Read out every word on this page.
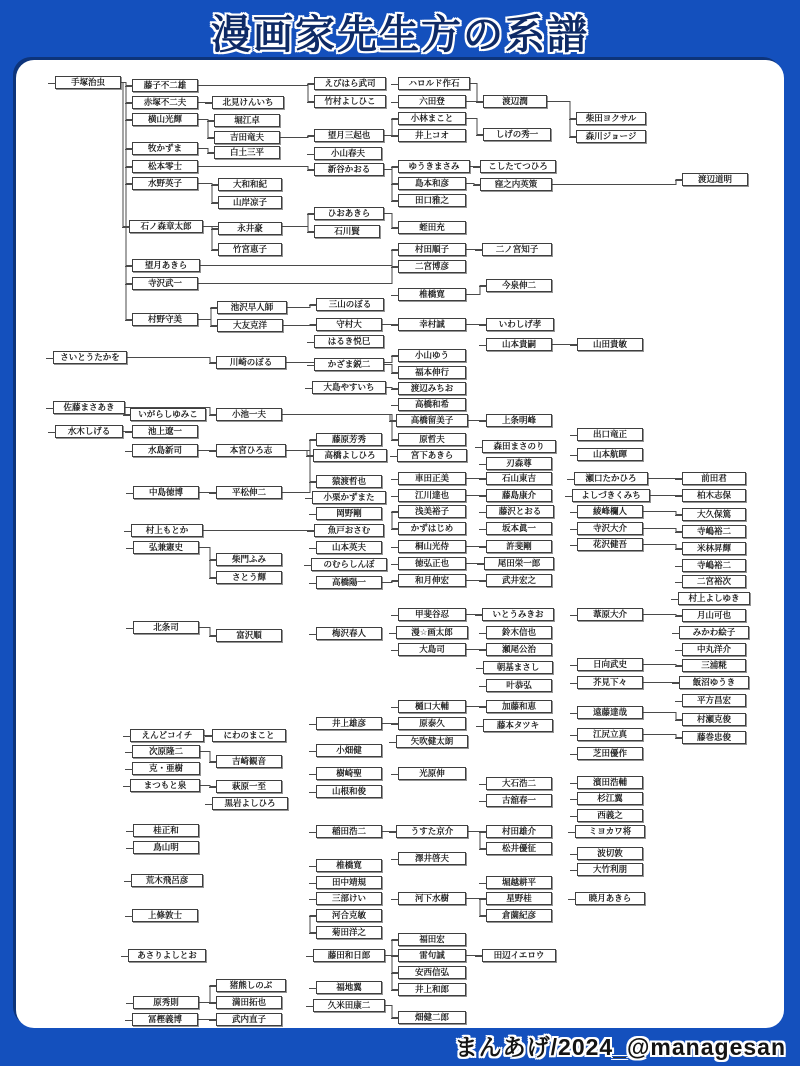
漫画家先生方の系譜
手塚治虫	藤子不二雄
赤塚不二夫	北見けんいち
横山光輝	堀江卓
吉田竜夫
牧かずま	白土三平
松本零士
水野英子	大和和紀
山岸凉子
石ノ森章太郎	永井豪
竹宮恵子
望月あきら
寺沢武一
池沢早人師
村野守美
大友克洋
えびはら武司	ハロルド作石
竹村よしひこ	六田登	渡辺潤
小林まこと	柴田ヨクサル
望月三起也	井上コオ	しげの秀一	森川ジョージ
小山春夫
新谷かおる	ゆうきまさみ	こしたてつひろ
島本和彦	窪之内英策	渡辺道明
田口雅之
ひおあきら
蛭田充
石川賢
村田順子	二ノ宮知子
二宮博彦
今泉伸二
椎橋寛
三山のぼる
守村大	幸村誠	いわしげ孝
はるき悦巳	山本貴嗣	山田貴敏
小山ゆう
かざま鋭二
福本伸行
渡辺みちお
大島やすいち
高橋和希
高橋留美子	上条明峰
川崎のぼる
さいとうたかを
佐藤まさあき
いがらしゆみこ	小池一夫
水木しげる	池上遼一
水島新司	本宮ひろ志
藤原芳秀	原哲夫
森田まさのり
高橋よしひろ	宮下あきら
刃森尊
出口竜正
山本航暉
猿渡哲也	車田正美	石山東吉	瀬口たかひろ	前田君
小栗かずまた	江川達也	藤島康介	よしづきくみち	柏木志保
中島徳博	平松伸二
岡野剛	浅美裕子	藤沢とおる	綾峰欄人	大久保篤
魚戸おさむ	かずはじめ	坂本眞一	寺沢大介	寺嶋裕二
村上もとか
山本英夫	桐山光侍	許斐剛	花沢健吾	米林昇輝
弘兼憲史
のむらしんぼ	徳弘正也	尾田栄一郎
柴門ふみ
寺嶋裕二
高橋陽一	和月伸宏	武井宏之	二宮裕次
さとう輝
村上よしゆき
甲斐谷忍	いとうみきお	葦原大介	月山可也
北条司
富沢順	梅沢春人	漫☆画太郎	鈴木信也	みかわ絵子
大島司	瀬尾公治	中丸洋介
朝基まさし	日向武史	三浦糀
芥見下々	飯沼ゆうき
叶恭弘
平方昌宏
遠藤達哉
樋口大輔	加藤和恵
村瀬克俊
井上雄彦	原泰久	藤本タツキ
江尻立真	藤巻忠俊
矢吹健太朗
えんどコイチ	にわのまこと
小畑健	芝田優作
次原隆二
吉崎観音
克・亜樹	樹崎聖	光原伸
大石浩二	濱田浩輔
まつもと泉	萩原一至	山根和俊
古舘春一	杉江翼
黒岩よしひろ
西義之
稲田浩二	うすた京介	村田雄介	ミヨカワ将
桂正和
鳥山明	松井優征
澤井啓夫	波切敦
大竹利朋
椎橋寛
荒木飛呂彦	田中靖規	堀越耕平
三部けい	河下水樹	星野桂
上條敦士	河合克敏	倉薗紀彦
菊田洋之
暁月あきら
あさりよしとお
福田宏
藤田和日郎	雷句誠	田辺イエロウ
安西信弘
猪熊しのぶ	福地翼
原秀則	満田拓也
井上和郎
久米田康二
冨樫義博	武内直子	畑健二郎
まんあげ/2024_@managesan
